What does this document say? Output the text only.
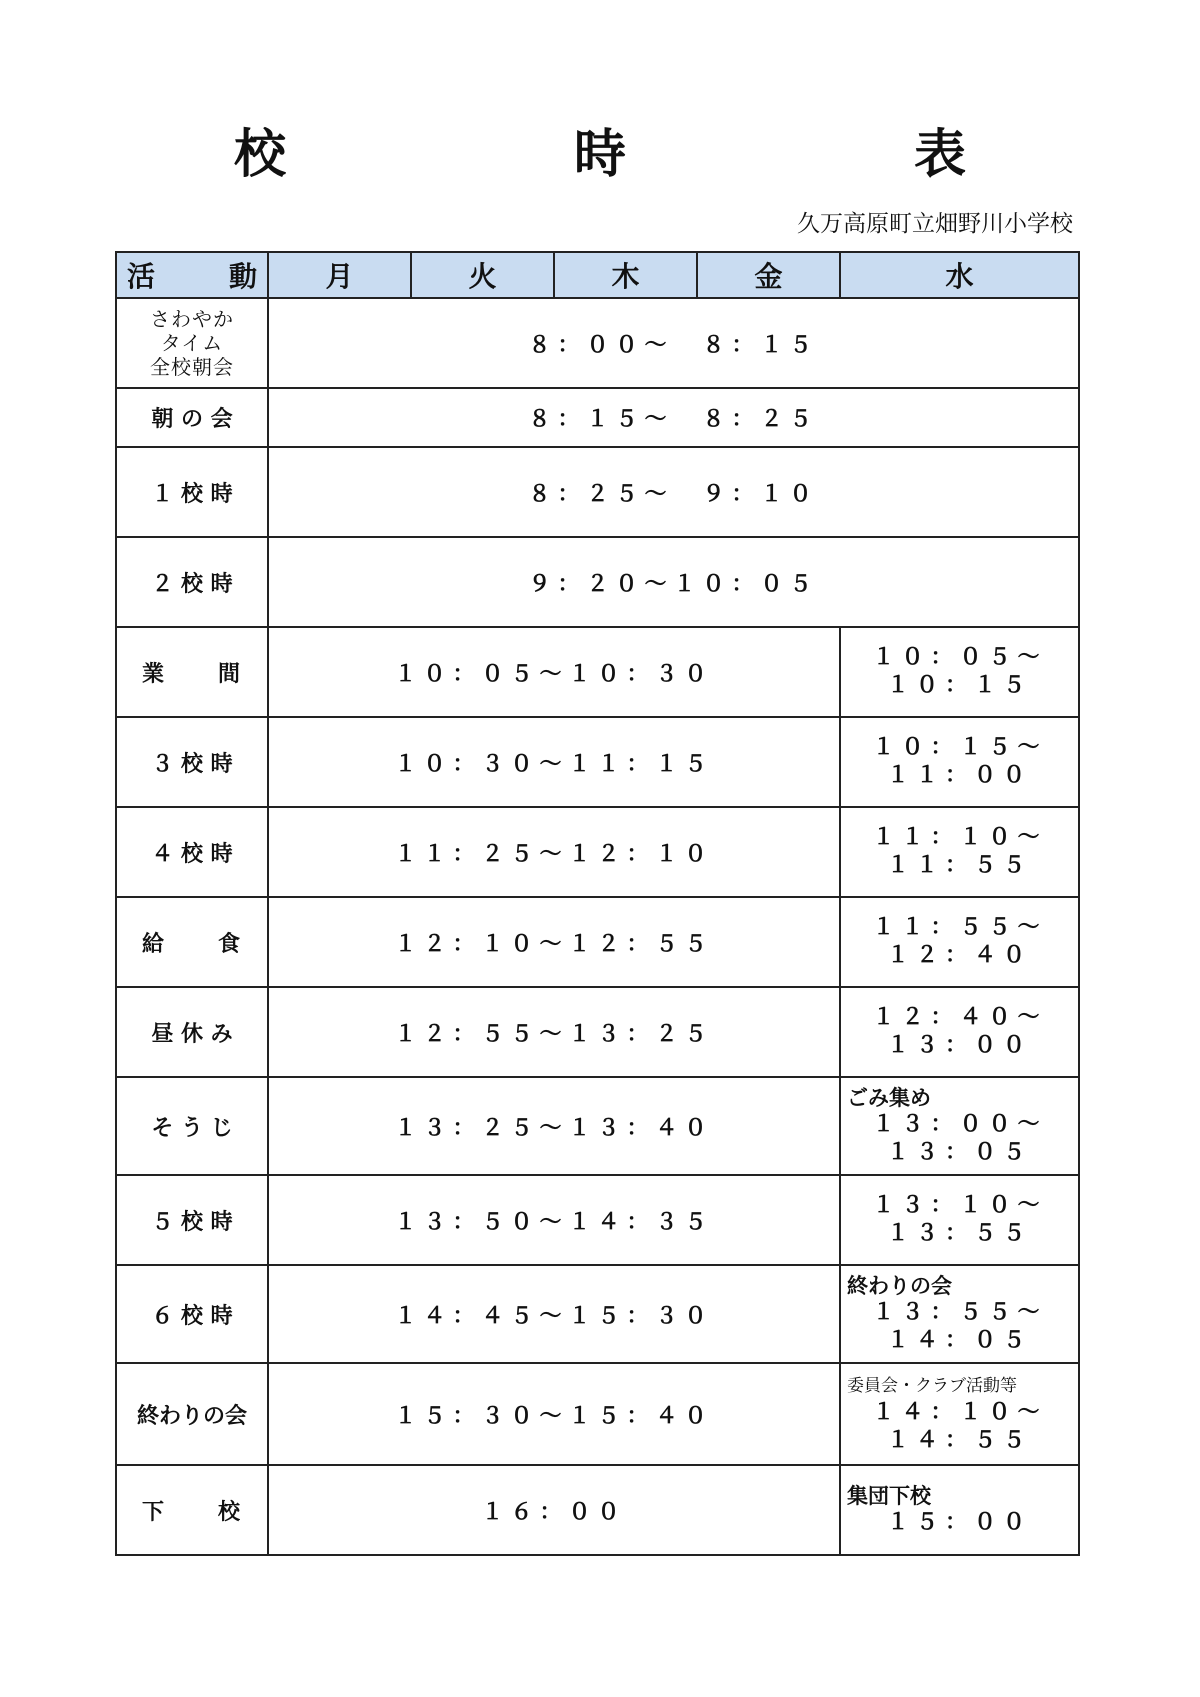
校　時　表
久万高原町立畑野川小学校
活 動	月	火	木	金	水
さわやか
タイム
全校朝会	８：００～　８：１５				
朝 の 会	８：１５～　８：２５				
１ 校 時	８：２５～　９：１０				
２ 校 時	９：２０～１０：０５				
業　間	１０：０５～１０：３０				１０：０５～
１０：１５

３ 校 時	１０：３０～１１：１５				１０：１５～
１１：００

４ 校 時	１１：２５～１２：１０				１１：１０～
１１：５５

給　食	１２：１０～１２：５５				１１：５５～
１２：４０

昼 休 み	１２：５５～１３：２５				１２：４０～
１３：００

そ う じ	１３：２５～１３：４０				ごみ集め
１３：００～
１３：０５

５ 校 時	１３：５０～１４：３５				１３：１０～
１３：５５

６ 校 時	１４：４５～１５：３０				終わりの会
１３：５５～
１４：０５

終わりの会	１５：３０～１５：４０				委員会・クラブ活動等
１４：１０～
１４：５５

下　校	１６：００				集団下校
１５：００
